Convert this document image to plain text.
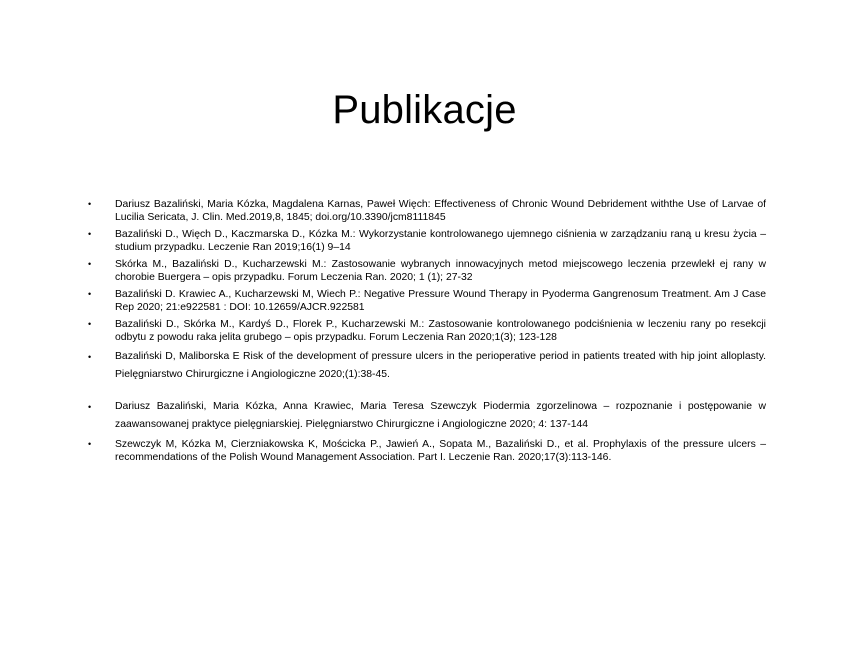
Publikacje
•	Dariusz Bazaliński, Maria Kózka, Magdalena Karnas, Paweł Więch: Effectiveness of Chronic Wound Debridement withthe Use of Larvae of Lucilia Sericata, J. Clin. Med.2019,8, 1845; doi.org/10.3390/jcm8111845
•	Bazaliński D., Więch D., Kaczmarska D., Kózka M.: Wykorzystanie kontrolowanego ujemnego ciśnienia w zarządzaniu raną u kresu życia – studium przypadku. Leczenie Ran 2019;16(1) 9–14
•	Skórka M., Bazaliński D., Kucharzewski M.: Zastosowanie wybranych innowacyjnych metod miejscowego leczenia przewlekł ej rany w chorobie Buergera – opis przypadku. Forum Leczenia Ran. 2020; 1 (1); 27-32
•	Bazaliński D. Krawiec A., Kucharzewski M, Wiech P.: Negative Pressure Wound Therapy in Pyoderma Gangrenosum Treatment. Am J Case Rep 2020; 21:e922581 : DOI: 10.12659/AJCR.922581
•	Bazaliński D., Skórka M., Kardyś D., Florek P., Kucharzewski M.: Zastosowanie kontrolowanego podciśnienia w leczeniu rany po resekcji odbytu z powodu raka jelita grubego – opis przypadku. Forum Leczenia Ran 2020;1(3); 123-128
•	Bazaliński D, Maliborska E Risk of the development of pressure ulcers in the perioperative period in patients treated with hip joint alloplasty. Pielęgniarstwo Chirurgiczne i Angiologiczne 2020;(1):38-45.
•	Dariusz Bazaliński, Maria Kózka, Anna Krawiec, Maria Teresa Szewczyk Piodermia zgorzelinowa – rozpoznanie i postępowanie w zaawansowanej praktyce pielęgniarskiej. Pielęgniarstwo Chirurgiczne i Angiologiczne 2020; 4: 137-144
•	Szewczyk M, Kózka M, Cierzniakowska K, Mościcka P., Jawień A., Sopata M., Bazaliński D., et al. Prophylaxis of the pressure ulcers – recommendations of the Polish Wound Management Association. Part I. Leczenie Ran. 2020;17(3):113-146.
